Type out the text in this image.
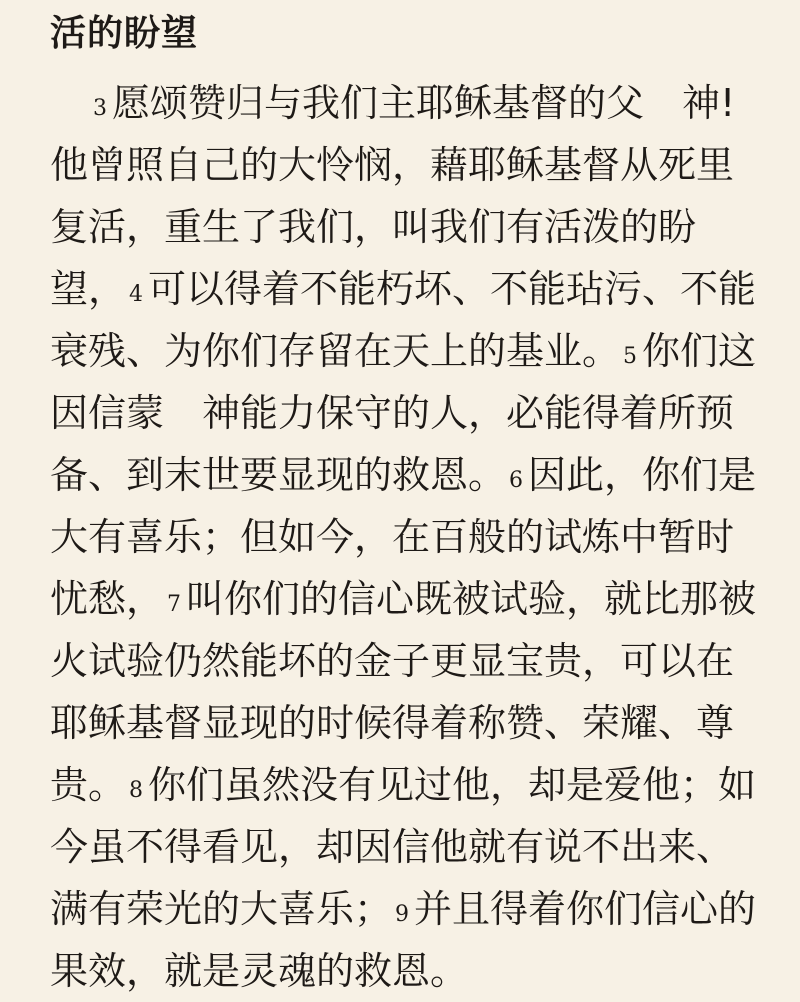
活的盼望
3 愿颂赞归与我们主耶稣基督的父　神!
他曾照自己的大怜悯，藉耶稣基督从死里
复活，重生了我们，叫我们有活泼的盼
望， 4 可以得着不能朽坏、不能玷污、不能
衰残、为你们存留在天上的基业。 5 你们这
因信蒙　神能力保守的人，必能得着所预
备、到末世要显现的救恩。 6 因此，你们是
大有喜乐；但如今，在百般的试炼中暂时
忧愁， 7 叫你们的信心既被试验，就比那被
火试验仍然能坏的金子更显宝贵，可以在
耶稣基督显现的时候得着称赞、荣耀、尊
贵。 8 你们虽然没有见过他，却是爱他；如
今虽不得看见，却因信他就有说不出来、
满有荣光的大喜乐； 9 并且得着你们信心的
果效，就是灵魂的救恩。
